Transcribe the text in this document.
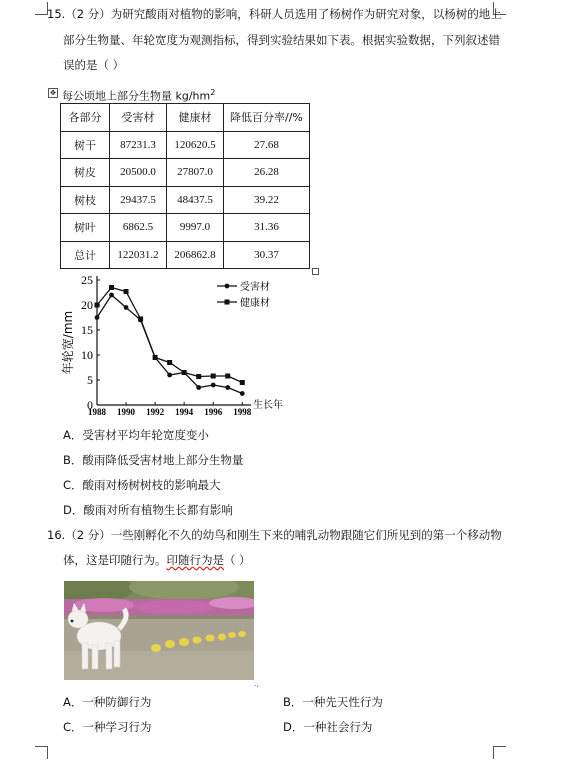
15.（2 分）为研究酸雨对植物的影响，科研人员选用了杨树作为研究对象，以杨树的地上
部分生物量、年轮宽度为观测指标，得到实验结果如下表。根据实验数据，下列叙述错
误的是（ ）
✥ 每公顷地上部分生物量 $kg/hm^2$
各部分	受害材	健康材	降低百分率//%
树干	87231.3	120620.5	27.68
树皮	20500.0	27807.0	26.28
树枝	29437.5	48437.5	39.22
树叶	6862.5	9997.0	31.36
总计	122031.2	206862.8	30.37
0
5
10
15
20
25
1988 1990 1992 1994 1996 1998
年轮宽/mm
生长年
受害材
健康材
A．受害材平均年轮宽度变小
B．酸雨降低受害材地上部分生物量
C．酸雨对杨树树枝的影响最大
D．酸雨对所有植物生长都有影响
16.（2 分）一些刚孵化不久的幼鸟和刚生下来的哺乳动物跟随它们所见到的第一个移动物
体，这是印随行为。印随行为是（ ）
.,
A．一种防御行为	B．一种先天性行为
C．一种学习行为	D．一种社会行为
